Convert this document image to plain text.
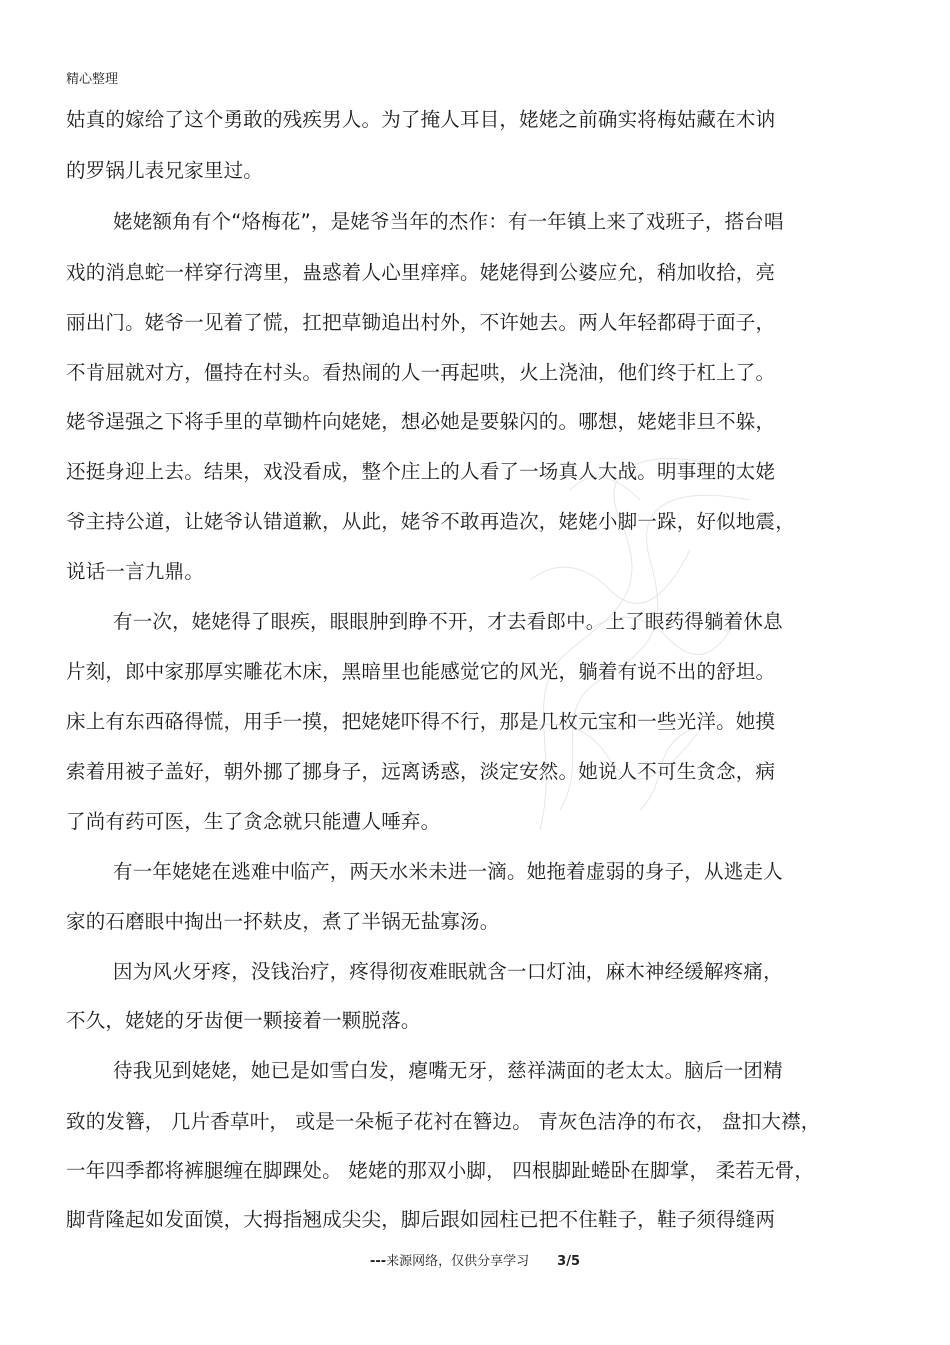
精心整理
姑真的嫁给了这个勇敢的残疾男人。为了掩人耳目，姥姥之前确实将梅姑藏在木讷
的罗锅儿表兄家里过。
姥姥额角有个“烙梅花”，是姥爷当年的杰作：有一年镇上来了戏班子，搭台唱
戏的消息蛇一样穿行湾里，蛊惑着人心里痒痒。姥姥得到公婆应允，稍加收拾，亮
丽出门。姥爷一见着了慌，扛把草锄追出村外，不许她去。两人年轻都碍于面子，
不肯屈就对方，僵持在村头。看热闹的人一再起哄，火上浇油，他们终于杠上了。
姥爷逞强之下将手里的草锄杵向姥姥，想必她是要躲闪的。哪想，姥姥非旦不躲，
还挺身迎上去。结果，戏没看成，整个庄上的人看了一场真人大战。明事理的太姥
爷主持公道，让姥爷认错道歉，从此，姥爷不敢再造次，姥姥小脚一跺，好似地震，
说话一言九鼎。
有一次，姥姥得了眼疾，眼眼肿到睁不开，才去看郎中。上了眼药得躺着休息
片刻，郎中家那厚实雕花木床，黑暗里也能感觉它的风光，躺着有说不出的舒坦。
床上有东西硌得慌，用手一摸，把姥姥吓得不行，那是几枚元宝和一些光洋。她摸
索着用被子盖好，朝外挪了挪身子，远离诱惑，淡定安然。她说人不可生贪念，病
了尚有药可医，生了贪念就只能遭人唾弃。
有一年姥姥在逃难中临产，两天水米未进一滴。她拖着虚弱的身子，从逃走人
家的石磨眼中掏出一抔麸皮，煮了半锅无盐寡汤。
因为风火牙疼，没钱治疗，疼得彻夜难眠就含一口灯油，麻木神经缓解疼痛，
不久，姥姥的牙齿便一颗接着一颗脱落。
待我见到姥姥，她已是如雪白发，瘪嘴无牙，慈祥满面的老太太。脑后一团精
致的发簪， 几片香草叶， 或是一朵栀子花衬在簪边。 青灰色洁净的布衣， 盘扣大襟，
一年四季都将裤腿缠在脚踝处。 姥姥的那双小脚， 四根脚趾蜷卧在脚掌， 柔若无骨，
脚背隆起如发面馍，大拇指翘成尖尖，脚后跟如园柱已把不住鞋子，鞋子须得缝两
---来源网络，仅供分享学习 3/5
